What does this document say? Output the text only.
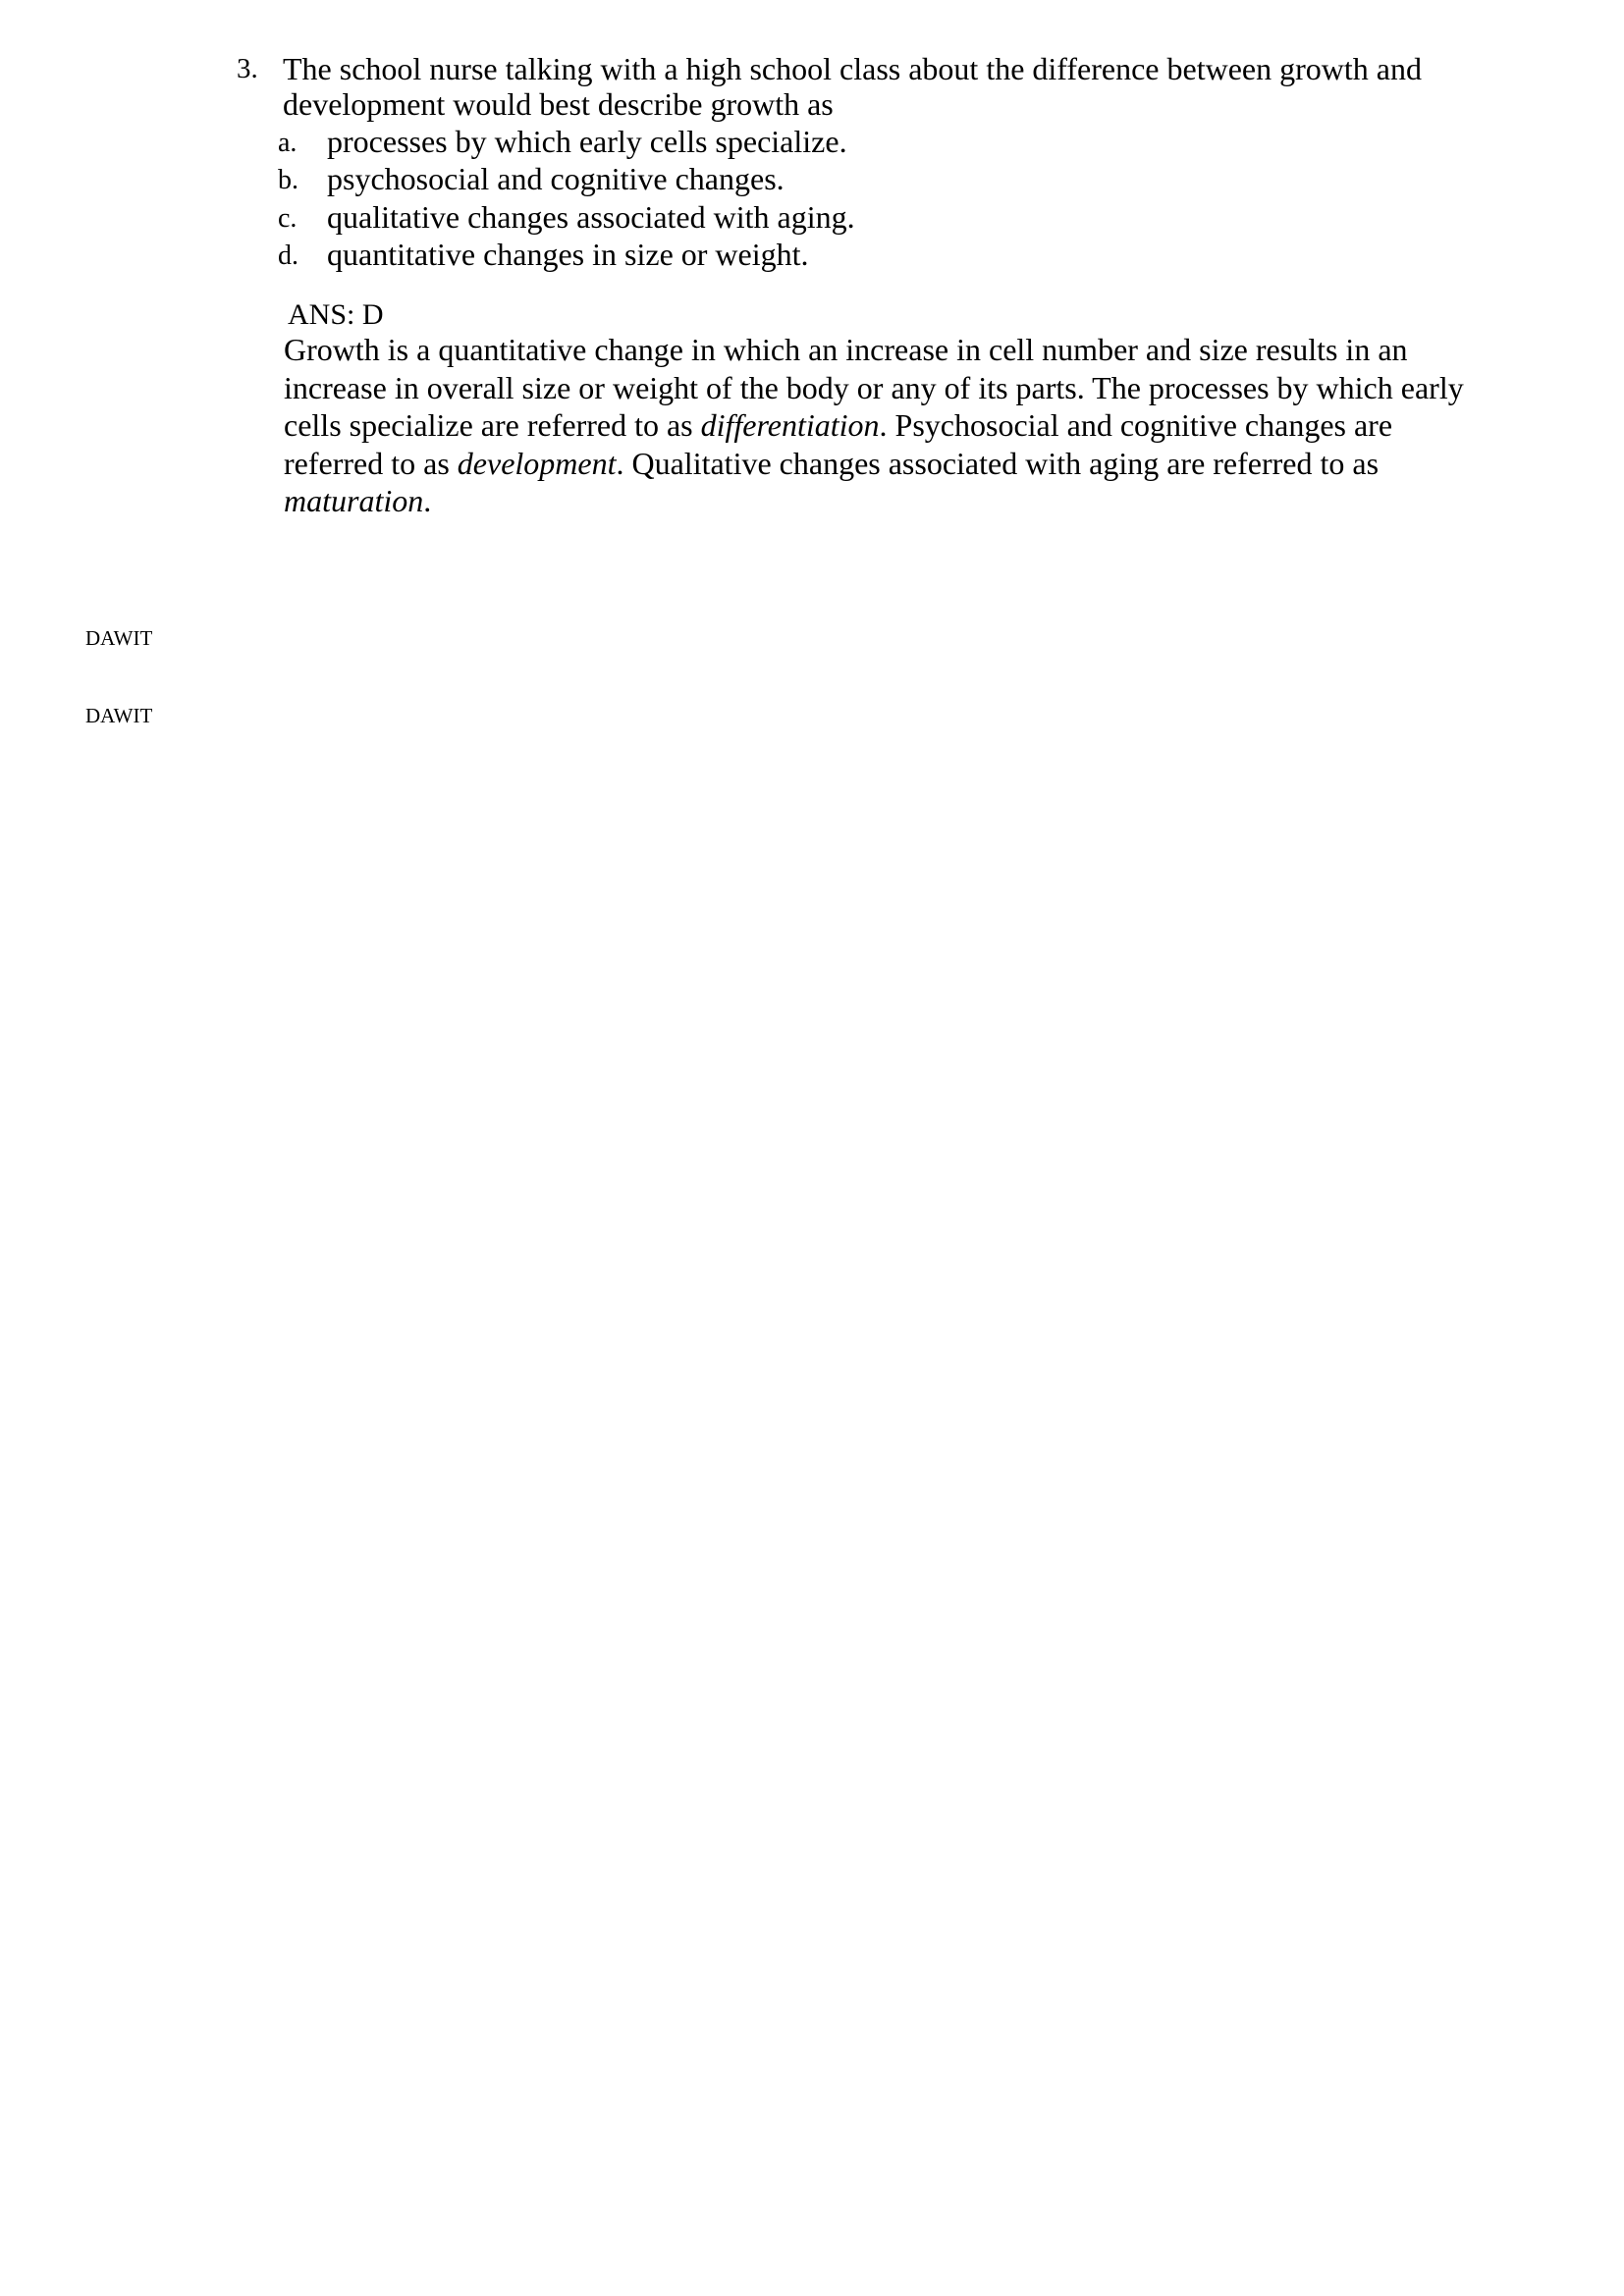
3. The school nurse talking with a high school class about the difference between growth and
development would best describe growth as
a. processes by which early cells specialize.
b. psychosocial and cognitive changes.
c. qualitative changes associated with aging.
d. quantitative changes in size or weight.
ANS: D
Growth is a quantitative change in which an increase in cell number and size results in an
increase in overall size or weight of the body or any of its parts. The processes by which early
cells specialize are referred to as differentiation. Psychosocial and cognitive changes are
referred to as development. Qualitative changes associated with aging are referred to as
maturation.
DAWIT
DAWIT
